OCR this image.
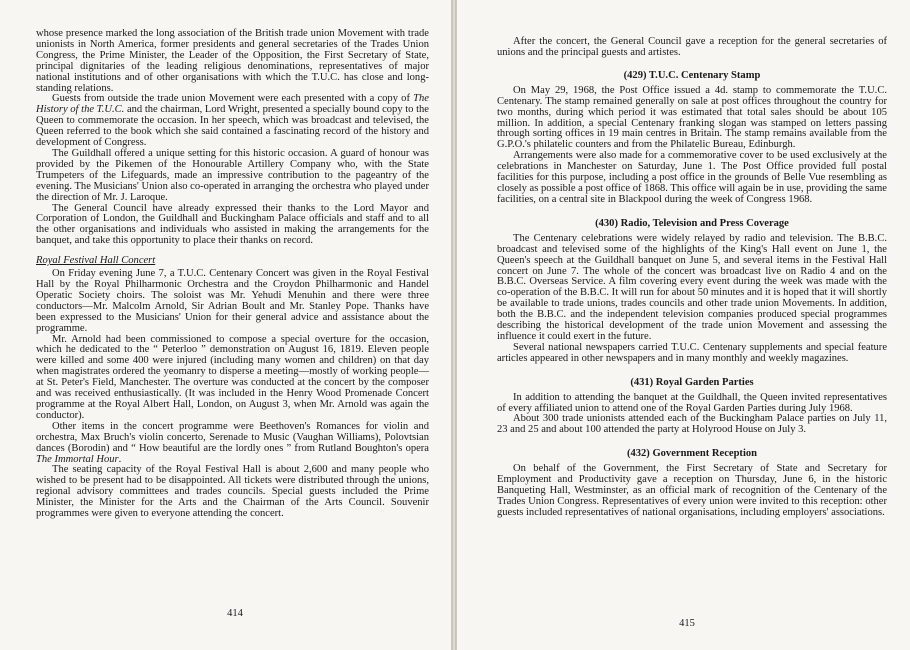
whose presence marked the long association of the British trade union Movement with trade unionists in North America, former presidents and general secretaries of the Trades Union Congress, the Prime Minister, the Leader of the Opposition, the First Secretary of State, principal dignitaries of the leading religious denominations, representatives of major national institutions and of other organisations with which the T.U.C. has close and long-standing relations.

Guests from outside the trade union Movement were each presented with a copy of The History of the T.U.C. and the chairman, Lord Wright, presented a specially bound copy to the Queen to commemorate the occasion. In her speech, which was broadcast and televised, the Queen referred to the book which she said contained a fascinating record of the history and development of Congress.

The Guildhall offered a unique setting for this historic occasion. A guard of honour was provided by the Pikemen of the Honourable Artillery Company who, with the State Trumpeters of the Lifeguards, made an impressive contribution to the pageantry of the evening. The Musicians' Union also co-operated in arranging the orchestra who played under the direction of Mr. J. Laroque.

The General Council have already expressed their thanks to the Lord Mayor and Corporation of London, the Guildhall and Buckingham Palace officials and staff and to all the other organisations and individuals who assisted in making the arrangements for the banquet, and take this opportunity to place their thanks on record.

Royal Festival Hall Concert

On Friday evening June 7, a T.U.C. Centenary Concert was given in the Royal Festival Hall by the Royal Philharmonic Orchestra and the Croydon Philharmonic and Handel Operatic Society choirs. The soloist was Mr. Yehudi Menuhin and there were three conductors—Mr. Malcolm Arnold, Sir Adrian Boult and Mr. Stanley Pope. Thanks have been expressed to the Musicians' Union for their general advice and assistance about the programme.

Mr. Arnold had been commissioned to compose a special overture for the occasion, which he dedicated to the “ Peterloo ” demonstration on August 16, 1819. Eleven people were killed and some 400 were injured (including many women and children) on that day when magistrates ordered the yeomanry to disperse a meeting—mostly of working people—at St. Peter's Field, Manchester. The overture was conducted at the concert by the composer and was received enthusiastically. (It was included in the Henry Wood Promenade Concert programme at the Royal Albert Hall, London, on August 3, when Mr. Arnold was again the conductor).

Other items in the concert programme were Beethoven's Romances for violin and orchestra, Max Bruch's violin concerto, Serenade to Music (Vaughan Williams), Polovtsian dances (Borodin) and “ How beautiful are the lordly ones ” from Rutland Boughton's opera The Immortal Hour.

The seating capacity of the Royal Festival Hall is about 2,600 and many people who wished to be present had to be disappointed. All tickets were distributed through the unions, regional advisory committees and trades councils. Special guests included the Prime Minister, the Minister for the Arts and the Chairman of the Arts Council. Souvenir programmes were given to everyone attending the concert.

414

After the concert, the General Council gave a reception for the general secretaries of unions and the principal guests and artistes.

(429) T.U.C. Centenary Stamp

On May 29, 1968, the Post Office issued a 4d. stamp to commemorate the T.U.C. Centenary. The stamp remained generally on sale at post offices throughout the country for two months, during which period it was estimated that total sales should be about 105 million. In addition, a special Centenary franking slogan was stamped on letters passing through sorting offices in 19 main centres in Britain. The stamp remains available from the G.P.O.'s philatelic counters and from the Philatelic Bureau, Edinburgh.

Arrangements were also made for a commemorative cover to be used exclusively at the celebrations in Manchester on Saturday, June 1. The Post Office provided full postal facilities for this purpose, including a post office in the grounds of Belle Vue resembling as closely as possible a post office of 1868. This office will again be in use, providing the same facilities, on a central site in Blackpool during the week of Congress 1968.

(430) Radio, Television and Press Coverage

The Centenary celebrations were widely relayed by radio and television. The B.B.C. broadcast and televised some of the highlights of the King's Hall event on June 1, the Queen's speech at the Guildhall banquet on June 5, and several items in the Festival Hall concert on June 7. The whole of the concert was broadcast live on Radio 4 and on the B.B.C. Overseas Service. A film covering every event during the week was made with the co-operation of the B.B.C. It will run for about 50 minutes and it is hoped that it will shortly be available to trade unions, trades councils and other trade union Movements. In addition, both the B.B.C. and the independent television companies produced special programmes describing the historical development of the trade union Movement and assessing the influence it could exert in the future.

Several national newspapers carried T.U.C. Centenary supplements and special feature articles appeared in other newspapers and in many monthly and weekly magazines.

(431) Royal Garden Parties

In addition to attending the banquet at the Guildhall, the Queen invited representatives of every affiliated union to attend one of the Royal Garden Parties during July 1968.

About 300 trade unionists attended each of the Buckingham Palace parties on July 11, 23 and 25 and about 100 attended the party at Holyrood House on July 3.

(432) Government Reception

On behalf of the Government, the First Secretary of State and Secretary for Employment and Productivity gave a reception on Thursday, June 6, in the historic Banqueting Hall, Westminster, as an official mark of recognition of the Centenary of the Trades Union Congress. Representatives of every union were invited to this reception: other guests included representatives of national organisations, including employers' associations.

415
